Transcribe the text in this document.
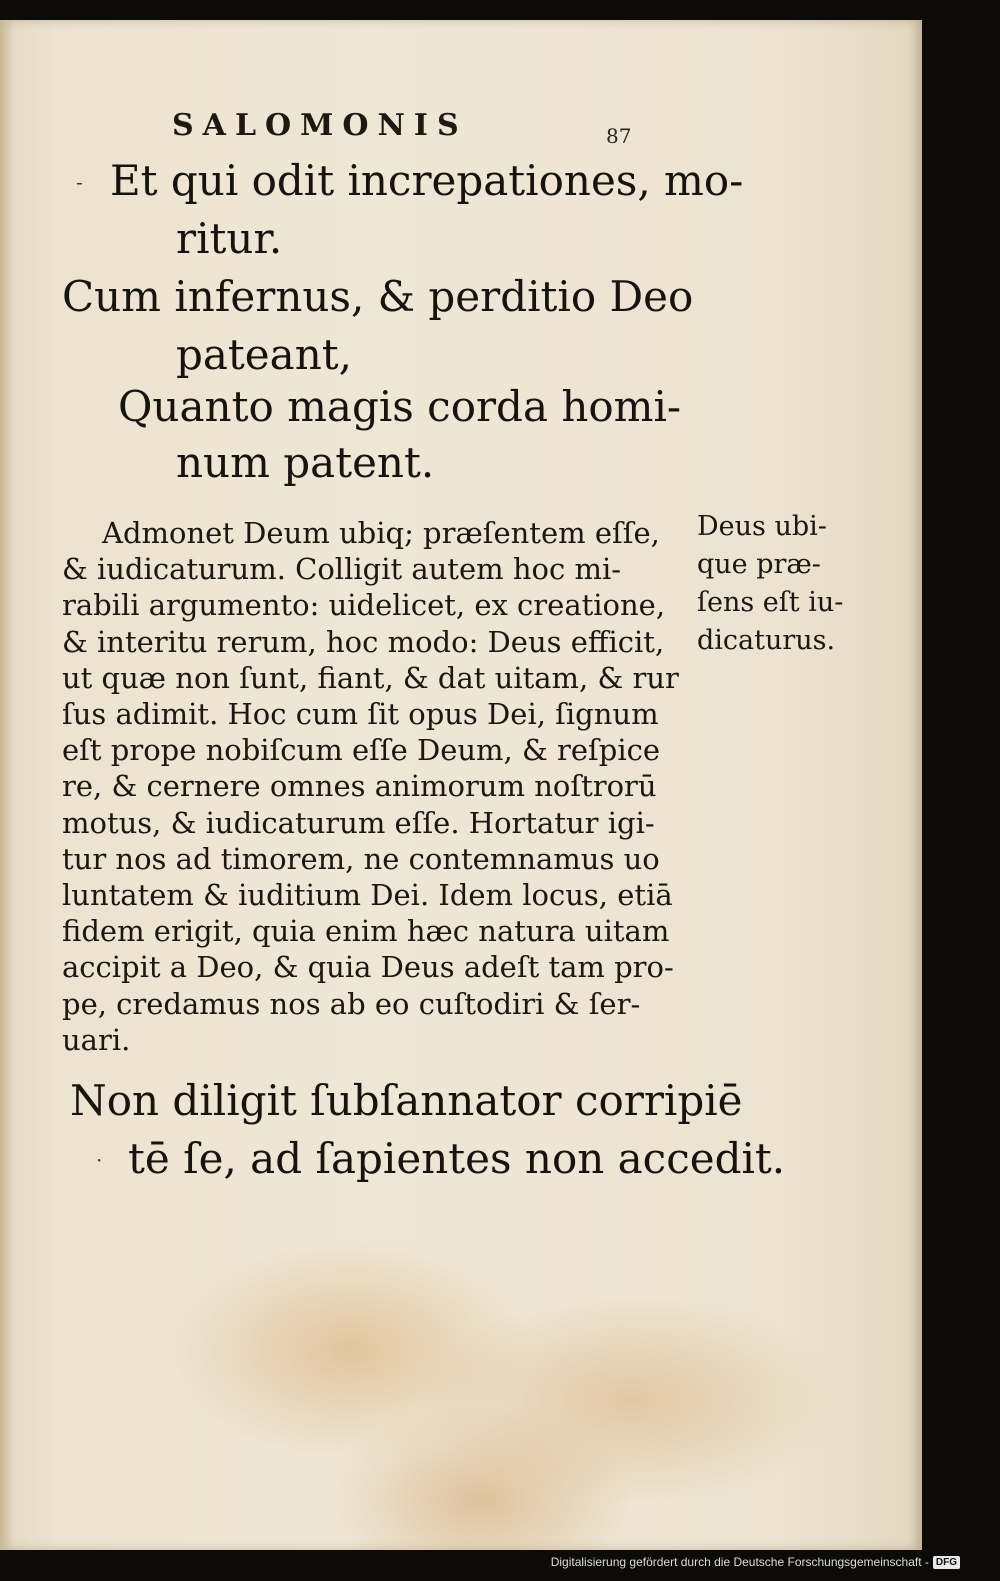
SALOMONIS	87
- Et qui odit increpationes, mo-
ritur.
Cum infernus, & perditio Deo
pateant,
Quanto magis corda homi-
num patent.
Admonet Deum ubiq; præſentem eſſe,
& iudicaturum. Colligit autem hoc mi-
rabili argumento: uidelicet, ex creatione,
& interitu rerum, hoc modo: Deus efficit,
ut quæ non ſunt, fiant, & dat uitam, & rur
ſus adimit. Hoc cum ſit opus Dei, ſignum
eſt prope nobiſcum eſſe Deum, & reſpice
re, & cernere omnes animorum noſtrorū
motus, & iudicaturum eſſe. Hortatur igi-
tur nos ad timorem, ne contemnamus uo
luntatem & iuditium Dei. Idem locus, etiā
fidem erigit, quia enim hæc natura uitam
accipit a Deo, & quia Deus adeſt tam pro-
pe, credamus nos ab eo cuſtodiri & ſer-
uari.
Deus ubi-
que præ-
ſens eſt iu-
dicaturus.
Non diligit ſubſannator corripiē
· tē ſe, ad ſapientes non accedit.
Digitalisierung gefördert durch die Deutsche Forschungsgemeinschaft - DFG
